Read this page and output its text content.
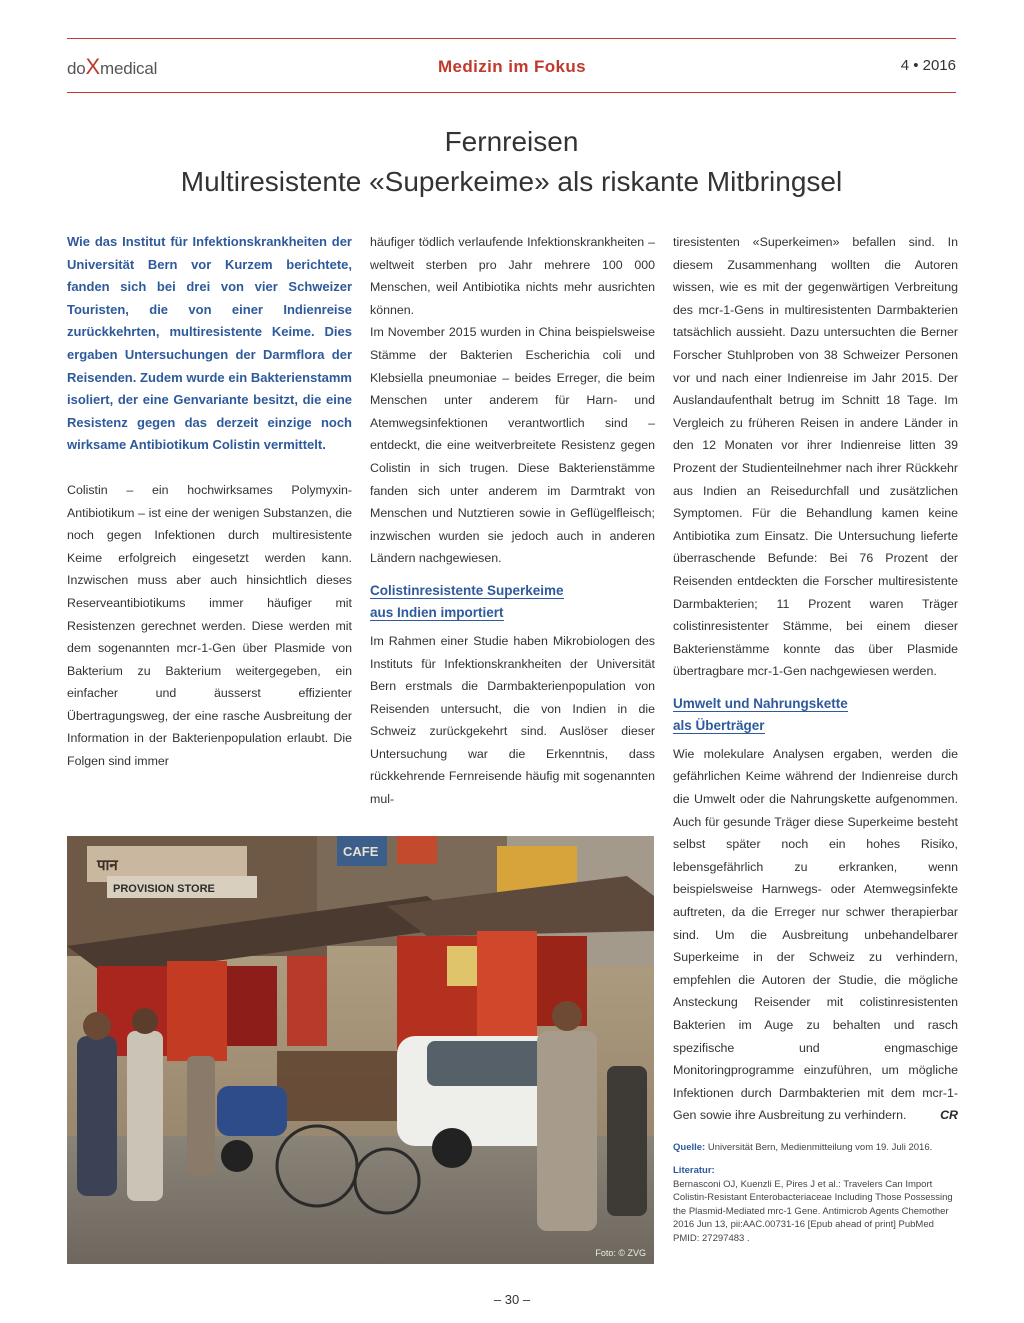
doXmedical	Medizin im Fokus	4 • 2016
Fernreisen
Multiresistente «Superkeime» als riskante Mitbringsel

Wie das Institut für Infektionskrankheiten der Universität Bern vor Kurzem berichtete, fanden sich bei drei von vier Schweizer Touristen, die von einer Indienreise zurückkehrten, multiresistente Keime. Dies ergaben Untersuchungen der Darmflora der Reisenden. Zudem wurde ein Bakterienstamm isoliert, der eine Genvariante besitzt, die eine Resistenz gegen das derzeit einzige noch wirksame Antibiotikum Colistin vermittelt.

Colistin – ein hochwirksames Polymyxin-Antibiotikum – ist eine der wenigen Substanzen, die noch gegen Infektionen durch multiresistente Keime erfolgreich eingesetzt werden kann. Inzwischen muss aber auch hinsichtlich dieses Reserveantibiotikums immer häufiger mit Resistenzen gerechnet werden. Diese werden mit dem sogenannten mcr-1-Gen über Plasmide von Bakterium zu Bakterium weitergegeben, ein einfacher und äusserst effizienter Übertragungsweg, der eine rasche Ausbreitung der Information in der Bakterienpopulation erlaubt. Die Folgen sind immer

häufiger tödlich verlaufende Infektionskrankheiten – weltweit sterben pro Jahr mehrere 100 000 Menschen, weil Antibiotika nichts mehr ausrichten können.

Im November 2015 wurden in China beispielsweise Stämme der Bakterien Escherichia coli und Klebsiella pneumoniae – beides Erreger, die beim Menschen unter anderem für Harn- und Atemwegsinfektionen verantwortlich sind – entdeckt, die eine weitverbreitete Resistenz gegen Colistin in sich trugen. Diese Bakterienstämme fanden sich unter anderem im Darmtrakt von Menschen und Nutztieren sowie in Geflügelfleisch; inzwischen wurden sie jedoch auch in anderen Ländern nachgewiesen.

Colistinresistente Superkeime
aus Indien importiert

Im Rahmen einer Studie haben Mikrobiologen des Instituts für Infektionskrankheiten der Universität Bern erstmals die Darmbakterienpopulation von Reisenden untersucht, die von Indien in die Schweiz zurückgekehrt sind. Auslöser dieser Untersuchung war die Erkenntnis, dass rückkehrende Fernreisende häufig mit sogenannten mul-

tiresistenten «Superkeimen» befallen sind. In diesem Zusammenhang wollten die Autoren wissen, wie es mit der gegenwärtigen Verbreitung des mcr-1-Gens in multiresistenten Darmbakterien tatsächlich aussieht. Dazu untersuchten die Berner Forscher Stuhlproben von 38 Schweizer Personen vor und nach einer Indienreise im Jahr 2015. Der Auslandaufenthalt betrug im Schnitt 18 Tage. Im Vergleich zu früheren Reisen in andere Länder in den 12 Monaten vor ihrer Indienreise litten 39 Prozent der Studienteilnehmer nach ihrer Rückkehr aus Indien an Reisedurchfall und zusätzlichen Symptomen. Für die Behandlung kamen keine Antibiotika zum Einsatz. Die Untersuchung lieferte überraschende Befunde: Bei 76 Prozent der Reisenden entdeckten die Forscher multiresistente Darmbakterien; 11 Prozent waren Träger colistinresistenter Stämme, bei einem dieser Bakterienstämme konnte das über Plasmide übertragbare mcr-1-Gen nachgewiesen werden.

Umwelt und Nahrungskette
als Überträger

Wie molekulare Analysen ergaben, werden die gefährlichen Keime während der Indienreise durch die Umwelt oder die Nahrungskette aufgenommen. Auch für gesunde Träger diese Superkeime besteht selbst später noch ein hohes Risiko, lebensgefährlich zu erkranken, wenn beispielsweise Harnwegs- oder Atemwegsinfekte auftreten, da die Erreger nur schwer therapierbar sind. Um die Ausbreitung unbehandelbarer Superkeime in der Schweiz zu verhindern, empfehlen die Autoren der Studie, die mögliche Ansteckung Reisender mit colistinresistenten Bakterien im Auge zu behalten und rasch spezifische und engmaschige Monitoringprogramme einzuführen, um mögliche Infektionen durch Darmbakterien mit dem mcr-1-Gen sowie ihre Ausbreitung zu verhindern.	CR

Quelle: Universität Bern, Medienmitteilung vom 19. Juli 2016.

Literatur:
Bernasconi OJ, Kuenzli E, Pires J et al.: Travelers Can Import Colistin-Resistant Enterobacteriaceae Including Those Possessing the Plasmid-Mediated mrc-1 Gene. Antimicrob Agents Chemother 2016 Jun 13, pii:AAC.00731-16 [Epub ahead of print] PubMed PMID: 27297483 .

पान
PROVISION STORE
CAFE
Foto: © ZVG
– 30 –
